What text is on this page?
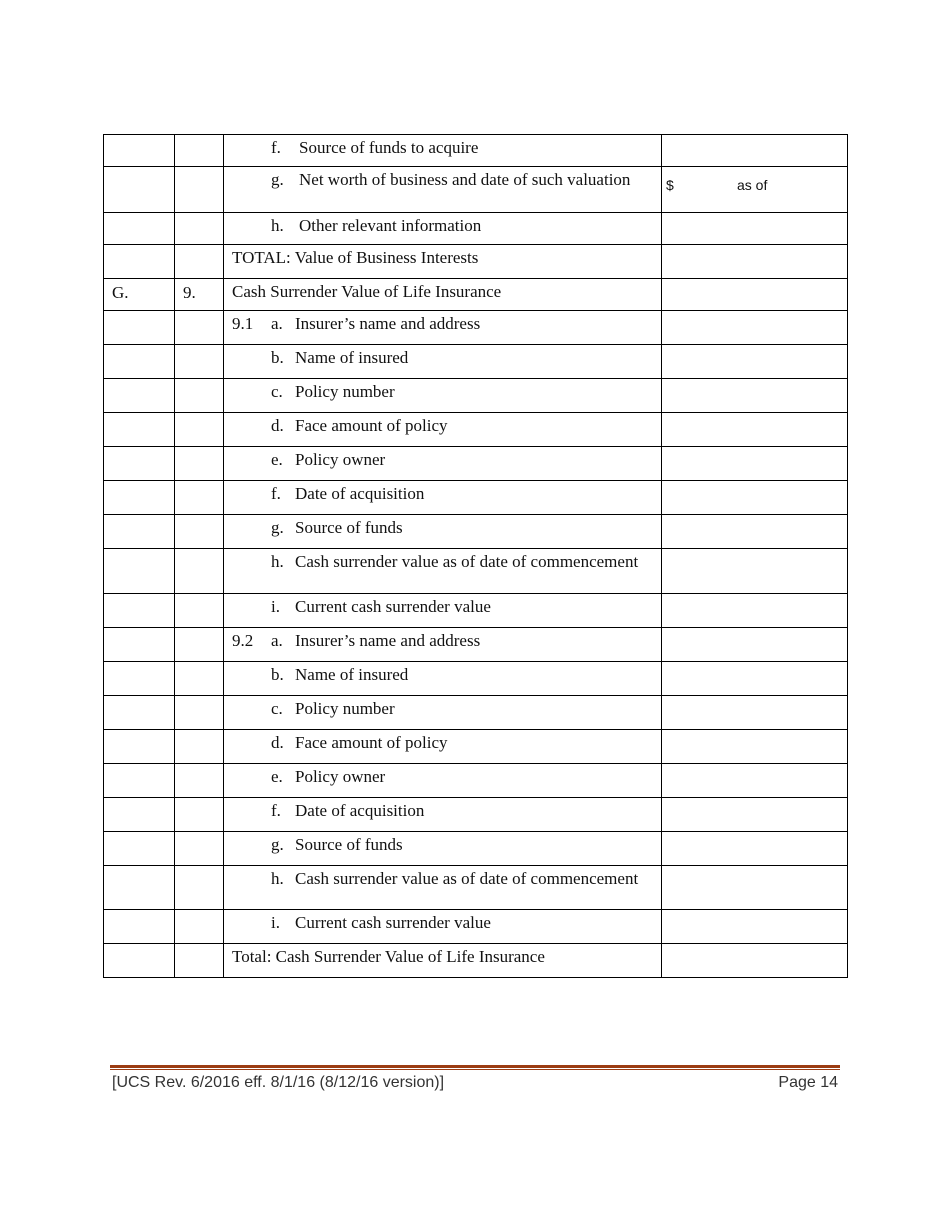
		f. Source of funds to acquire	

		g. Net worth of business and date of such valuation	$ as of

		h. Other relevant information	

		TOTAL: Value of Business Interests	

G.	9.	Cash Surrender Value of Life Insurance	

		9.1 a. Insurer’s name and address	

		b. Name of insured	

		c. Policy number	

		d. Face amount of policy	

		e. Policy owner	

		f. Date of acquisition	

		g. Source of funds	

		h. Cash surrender value as of date of commencement	

		i. Current cash surrender value	

		9.2 a. Insurer’s name and address	

		b. Name of insured	

		c. Policy number	

		d. Face amount of policy	

		e. Policy owner	

		f. Date of acquisition	

		g. Source of funds	

		h. Cash surrender value as of date of commencement	

		i. Current cash surrender value	

		Total: Cash Surrender Value of Life Insurance	

[UCS Rev. 6/2016 eff. 8/1/16 (8/12/16 version)]	Page 14
